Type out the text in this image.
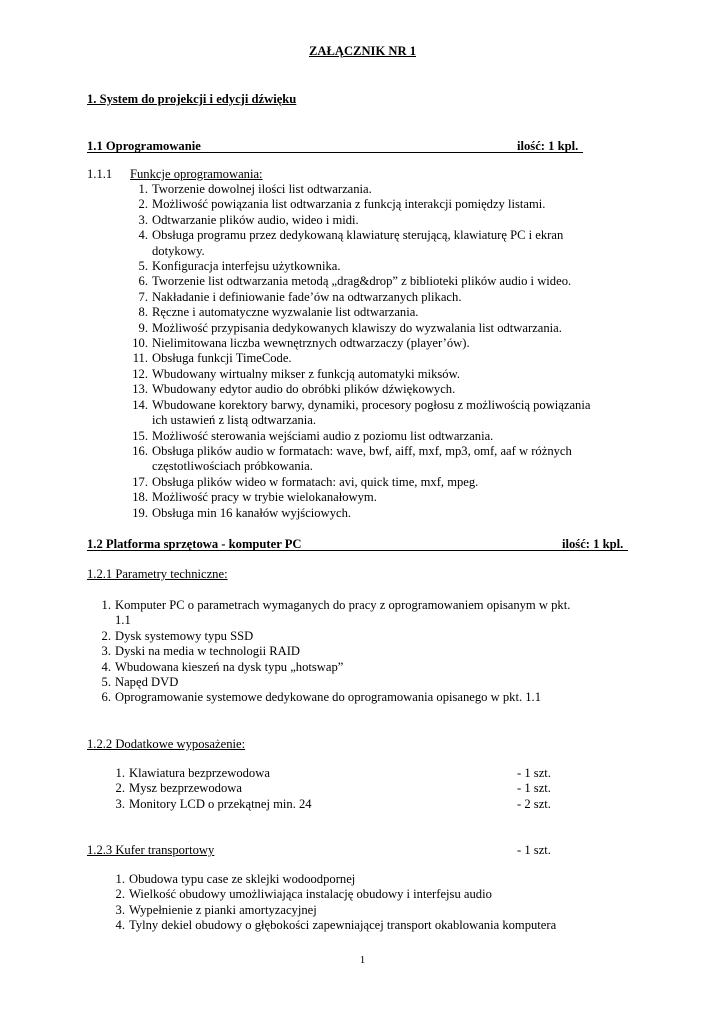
ZAŁĄCZNIK NR 1
1. System do projekcji i edycji dźwięku
1.1 Oprogramowanie	ilość: 1 kpl.
1.1.1 Funkcje oprogramowania:
1. Tworzenie dowolnej ilości list odtwarzania.
2. Możliwość powiązania list odtwarzania z funkcją interakcji pomiędzy listami.
3. Odtwarzanie plików audio, wideo i midi.
4. Obsługa programu przez dedykowaną klawiaturę sterującą, klawiaturę PC i ekran
dotykowy.
5. Konfiguracja interfejsu użytkownika.
6. Tworzenie list odtwarzania metodą „drag&drop” z biblioteki plików audio i wideo.
7. Nakładanie i definiowanie fade’ów na odtwarzanych plikach.
8. Ręczne i automatyczne wyzwalanie list odtwarzania.
9. Możliwość przypisania dedykowanych klawiszy do wyzwalania list odtwarzania.
10. Nielimitowana liczba wewnętrznych odtwarzaczy (player’ów).
11. Obsługa funkcji TimeCode.
12. Wbudowany wirtualny mikser z funkcją automatyki miksów.
13. Wbudowany edytor audio do obróbki plików dźwiękowych.
14. Wbudowane korektory barwy, dynamiki, procesory pogłosu z możliwością powiązania
ich ustawień z listą odtwarzania.
15. Możliwość sterowania wejściami audio z poziomu list odtwarzania.
16. Obsługa plików audio w formatach: wave, bwf, aiff, mxf, mp3, omf, aaf w różnych
częstotliwościach próbkowania.
17. Obsługa plików wideo w formatach: avi, quick time, mxf, mpeg.
18. Możliwość pracy w trybie wielokanałowym.
19. Obsługa min 16 kanałów wyjściowych.
1.2 Platforma sprzętowa - komputer PC	ilość: 1 kpl.
1.2.1 Parametry techniczne:
1. Komputer PC o parametrach wymaganych do pracy z oprogramowaniem opisanym w pkt.
1.1
2. Dysk systemowy typu SSD
3. Dyski na media w technologii RAID
4. Wbudowana kieszeń na dysk typu „hotswap”
5. Napęd DVD
6. Oprogramowanie systemowe dedykowane do oprogramowania opisanego w pkt. 1.1
1.2.2 Dodatkowe wyposażenie:
1. Klawiatura bezprzewodowa	- 1 szt.
2. Mysz bezprzewodowa	- 1 szt.
3. Monitory LCD o przekątnej min. 24	- 2 szt.
1.2.3 Kufer transportowy	- 1 szt.
1. Obudowa typu case ze sklejki wodoodpornej
2. Wielkość obudowy umożliwiająca instalację obudowy i interfejsu audio
3. Wypełnienie z pianki amortyzacyjnej
4. Tylny dekiel obudowy o głębokości zapewniającej transport okablowania komputera
1
